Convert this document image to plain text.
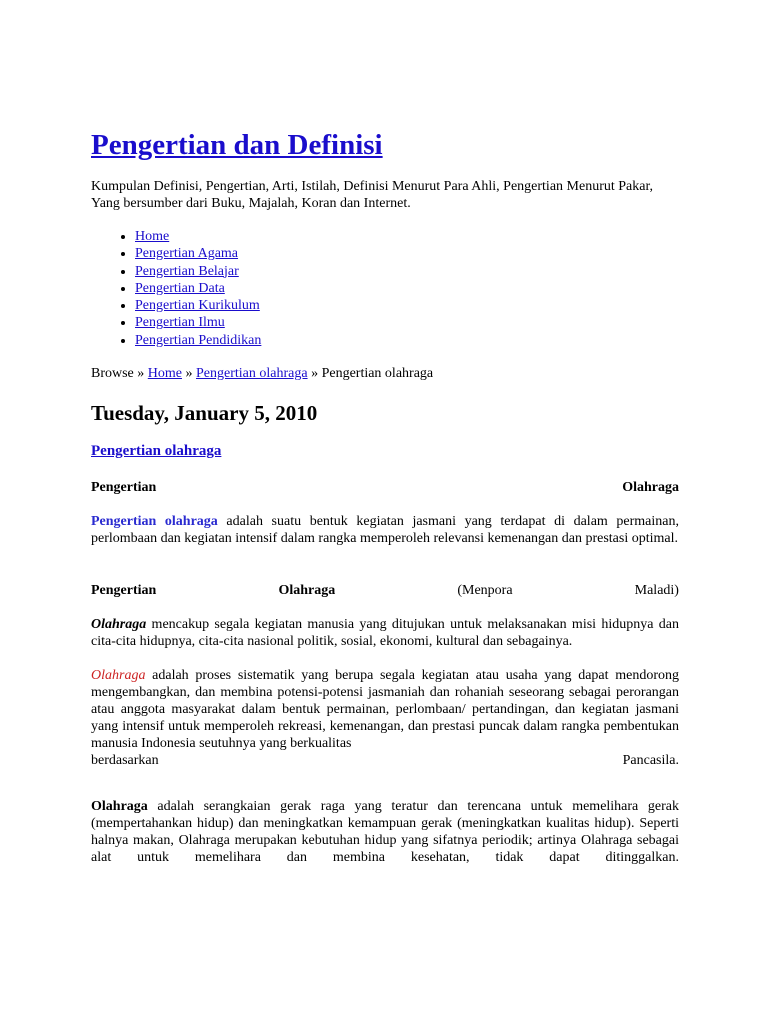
Pengertian dan Definisi

Kumpulan Definisi, Pengertian, Arti, Istilah, Definisi Menurut Para Ahli, Pengertian Menurut Pakar, Yang bersumber dari Buku, Majalah, Koran dan Internet.

• Home
• Pengertian Agama
• Pengertian Belajar
• Pengertian Data
• Pengertian Kurikulum
• Pengertian Ilmu
• Pengertian Pendidikan
Browse » Home » Pengertian olahraga » Pengertian olahraga
Tuesday, January 5, 2010
Pengertian olahraga
Pengertian	Olahraga

Pengertian olahraga adalah suatu bentuk kegiatan jasmani yang terdapat di dalam permainan, perlombaan dan kegiatan intensif dalam rangka memperoleh relevansi kemenangan dan prestasi optimal.

Pengertian	Olahraga	(Menpora	Maladi)

Olahraga mencakup segala kegiatan manusia yang ditujukan untuk melaksanakan misi hidupnya dan cita-cita hidupnya, cita-cita nasional politik, sosial, ekonomi, kultural dan sebagainya.

Olahraga adalah proses sistematik yang berupa segala kegiatan atau usaha yang dapat mendorong mengembangkan, dan membina potensi-potensi jasmaniah dan rohaniah seseorang sebagai perorangan atau anggota masyarakat dalam bentuk permainan, perlombaan/ pertandingan, dan kegiatan jasmani yang intensif untuk memperoleh rekreasi, kemenangan, dan prestasi puncak dalam rangka pembentukan manusia Indonesia seutuhnya yang berkualitas

berdasarkan	Pancasila.

Olahraga adalah serangkaian gerak raga yang teratur dan terencana untuk memelihara gerak (mempertahankan hidup) dan meningkatkan kemampuan gerak (meningkatkan kualitas hidup). Seperti halnya makan, Olahraga merupakan kebutuhan hidup yang sifatnya periodik; artinya Olahraga sebagai alat untuk memelihara dan membina kesehatan, tidak dapat ditinggalkan.
